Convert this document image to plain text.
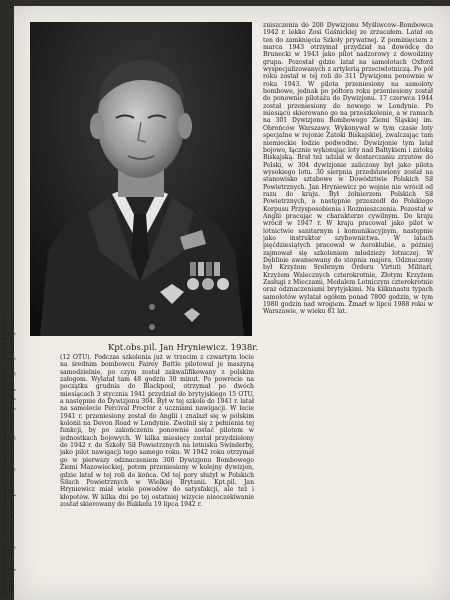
Kpt.obs.pil. Jan Hryniewicz. 1938r.
Zdjęcie odczytu i podziękowanie utrzymane w nazwach z Poznańska i Wilna z lipca 1935 r. Jan Hryniewicz siedzi pierwszy od lewej; czwarty kpt.pil. Ignacy Skarżyński.

zniszczenia do 200 Dywizjonu Myśliwców–Bombowca 1942 r. lekko Zosi Gaśnickiej ze zrzucałem. Latał on ten do zamknięcia Szkoły prywatnej. Z pominięciem z marca 1943 otrzymał przydział na dowódcę do Brunecki w 1943 jako pilot nadzorowy z dowodziny grupa. Pozostał gdzie latał na samolotach Oxford wyspecjalizowanych z artylerią przeciwlotniczą. Po pół roku został w tej roli do 311 Dywizjonu ponownie w roku 1943. W pilota przeniesiony na samoloty bombowe, jednak po półtora roku przeniesiony został do ponownie pilotażu do Dywizjonu. 17 czerwca 1944 został przeniesiony do nowego w Londynie. Po miesiącu skierowano go na przeszkolenie, a w ramach na 301 Dywizjonu Bombowego Ziemi Śląskiej im. Obrońców Warszawy. Wykonywał w tym czasie loty specjalne w rejonie Zatoki Biskajskiej, zwalczając tam niemieckie łodzie podwodne. Dywizjonie tym latał bojowo, łącznie wykonując loty nad Bałtykiem i zatoką Biskajską. Brał też udział w dostarczaniu zrzutów do Polski, w 304 dywizjonie zaliczony był jako pilota wysokiego lotu. 30 sierpnia przedstawiony został na stanowisko sztabowe w Dowództwie Polskich Sił Powietrznych. Jan Hryniewicz po wojnie nie wrócił od razu do kraju. Był żołnierzem Polskich Sił Powietrznych, a następnie przeszedł do Polskiego Korpusu Przysposobienia i Rozmieszczenia. Pozostał w Anglii pracując w charakterze cywilnym. Do kraju wrócił w 1947 r. W kraju pracował jako pilot w lotnictwie sanitarnym i komunikacyjnym, następnie jako instruktor szybownictwa. W latach pięćdziesiątych pracował w Aeroklubie, a później zajmował się szkoleniem młodzieży lotniczej. W Dęblinie awansowany do stopnia majora. Odznaczony był Krzyżem Srebrnym Orderu Virtuti Militari, Krzyżem Walecznych czterokrotnie, Złotym Krzyżem Zasługi z Mieczami, Medalem Lotniczym czterokrotnie oraz odznaczeniami brytyjskimi. Na kilkunastu typach samolotów wylatał ogółem ponad 7800 godzin, w tym 1980 godzin nad wrogiem. Zmarł w lipcu 1988 roku w Warszawie, w wieku 81 lat.

(12 OTU). Podczas szkolenia już w trzecim z czwartym locie na średnim bombowcu Fairey Battle pilotował je maszyną samodzielnie, po czym został zakwalifikowany z polskim załogom. Wylatał tam 48 godzin 30 minut. Po powrocie na początku grudnia do Blackpool, otrzymał po dwóch miesiącach 3 stycznia 1941 przydział do brytyjskiego 15 OTU, a następnie do Dywizjonu 304. Był w tej szkole do 1941 r. latał na samolocie Percival Proctor z uczniami nawigacji. W lecie 1941 r. przeniesiony został do Anglii i znalazł się w polskim kolonii na Devon Road w Londynie. Zwolnił się z pełnienia tej funkcji, by po zakończeniu ponownie zostać pilotem w jednostkach bojowych. W kilka miesięcy został przydzielony do 1942 r. do Szkoły Sił Powietrznych na lotnisku Swinderby, jako pilot nawigacji tego samego roku. W 1942 roku otrzymał go w pierwszy odznaczeniem 300 Dywizjonu Bombowego Ziemi Mazowieckiej, potem przeniesiony w kolejny dywizjon, gdzie latał w tej roli do końca. Od tej pory służył w Polskich Siłach Powietrznych w Wielkiej Brytanii. Kpt.pil. Jan Hryniewicz miał wiele powodów do satysfakcji, ale też i kłopotów. W kilka dni po tej ostatniej wizycie nieoczekiwanie został skierowany do Bukkelu 19 lipca 1942 r.
